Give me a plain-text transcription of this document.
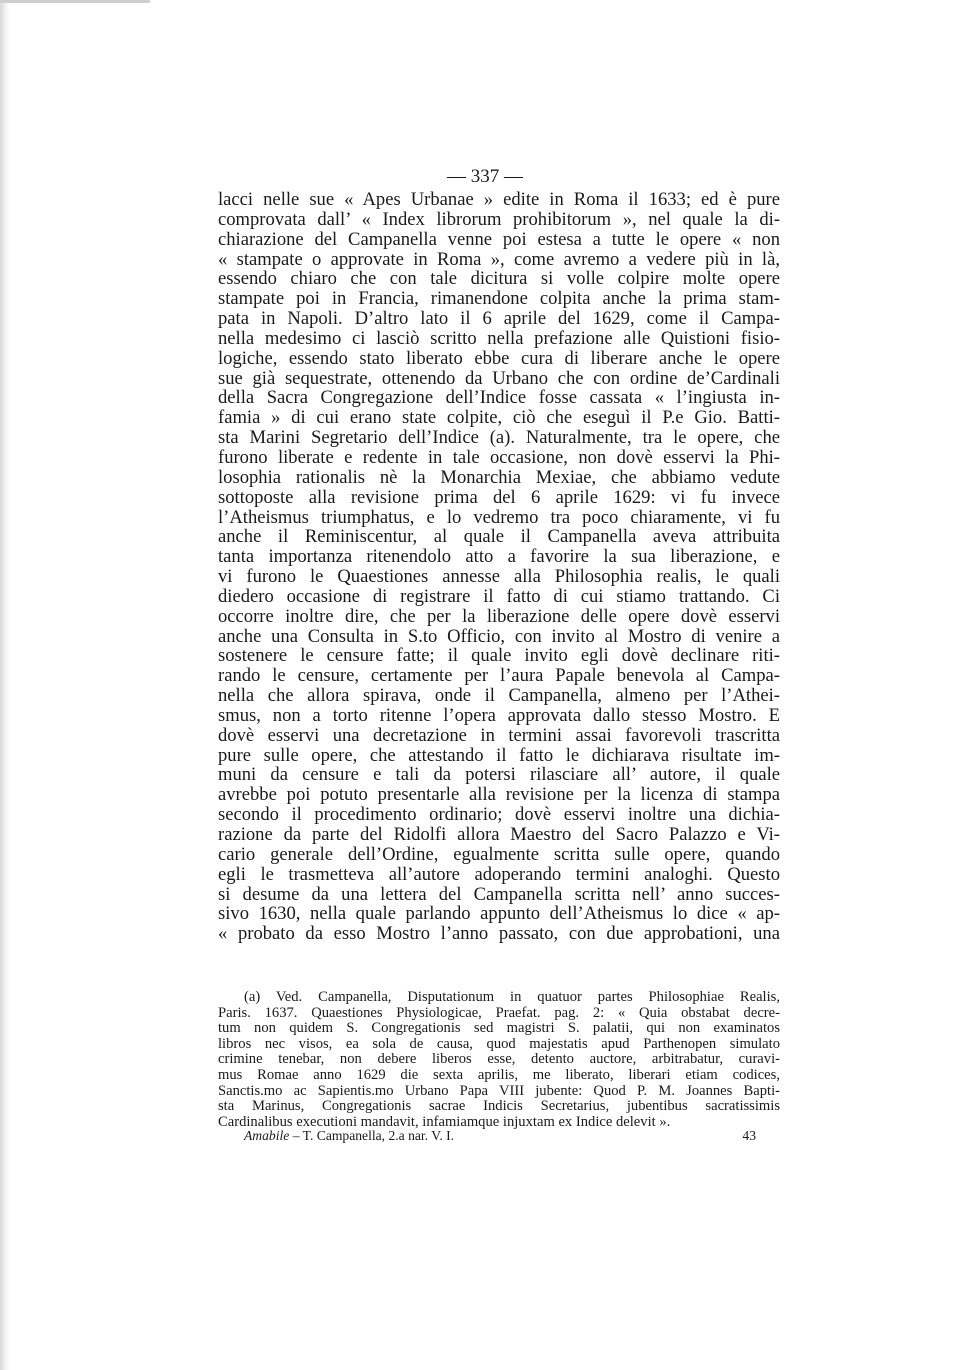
— 337 —
lacci nelle sue « Apes Urbanae » edite in Roma il 1633; ed è pure
comprovata dall’ « Index librorum prohibitorum », nel quale la di-
chiarazione del Campanella venne poi estesa a tutte le opere « non
« stampate o approvate in Roma », come avremo a vedere più in là,
essendo chiaro che con tale dicitura si volle colpire molte opere
stampate poi in Francia, rimanendone colpita anche la prima stam-
pata in Napoli. D’altro lato il 6 aprile del 1629, come il Campa-
nella medesimo ci lasciò scritto nella prefazione alle Quistioni fisio-
logiche, essendo stato liberato ebbe cura di liberare anche le opere
sue già sequestrate, ottenendo da Urbano che con ordine de’Cardinali
della Sacra Congregazione dell’Indice fosse cassata « l’ingiusta in-
famia » di cui erano state colpite, ciò che eseguì il P.e Gio. Batti-
sta Marini Segretario dell’Indice (a). Naturalmente, tra le opere, che
furono liberate e redente in tale occasione, non dovè esservi la Phi-
losophia rationalis nè la Monarchia Mexiae, che abbiamo vedute
sottoposte alla revisione prima del 6 aprile 1629: vi fu invece
l’Atheismus triumphatus, e lo vedremo tra poco chiaramente, vi fu
anche il Reminiscentur, al quale il Campanella aveva attribuita
tanta importanza ritenendolo atto a favorire la sua liberazione, e
vi furono le Quaestiones annesse alla Philosophia realis, le quali
diedero occasione di registrare il fatto di cui stiamo trattando. Ci
occorre inoltre dire, che per la liberazione delle opere dovè esservi
anche una Consulta in S.to Officio, con invito al Mostro di venire a
sostenere le censure fatte; il quale invito egli dovè declinare riti-
rando le censure, certamente per l’aura Papale benevola al Campa-
nella che allora spirava, onde il Campanella, almeno per l’Athei-
smus, non a torto ritenne l’opera approvata dallo stesso Mostro. E
dovè esservi una decretazione in termini assai favorevoli trascritta
pure sulle opere, che attestando il fatto le dichiarava risultate im-
muni da censure e tali da potersi rilasciare all’ autore, il quale
avrebbe poi potuto presentarle alla revisione per la licenza di stampa
secondo il procedimento ordinario; dovè esservi inoltre una dichia-
razione da parte del Ridolfi allora Maestro del Sacro Palazzo e Vi-
cario generale dell’Ordine, egualmente scritta sulle opere, quando
egli le trasmetteva all’autore adoperando termini analoghi. Questo
si desume da una lettera del Campanella scritta nell’ anno succes-
sivo 1630, nella quale parlando appunto dell’Atheismus lo dice « ap-
« probato da esso Mostro l’anno passato, con due approbationi, una
(a) Ved. Campanella, Disputationum in quatuor partes Philosophiae Realis,
Paris. 1637. Quaestiones Physiologicae, Praefat. pag. 2: « Quia obstabat decre-
tum non quidem S. Congregationis sed magistri S. palatii, qui non examinatos
libros nec visos, ea sola de causa, quod majestatis apud Parthenopen simulato
crimine tenebar, non debere liberos esse, detento auctore, arbitrabatur, curavi-
mus Romae anno 1629 die sexta aprilis, me liberato, liberari etiam codices,
Sanctis.mo ac Sapientis.mo Urbano Papa VIII jubente: Quod P. M. Joannes Bapti-
sta Marinus, Congregationis sacrae Indicis Secretarius, jubentibus sacratissimis
Cardinalibus executioni mandavit, infamiamque injuxtam ex Indice delevit ».
Amabile – T. Campanella, 2.a nar. V. I.	43
